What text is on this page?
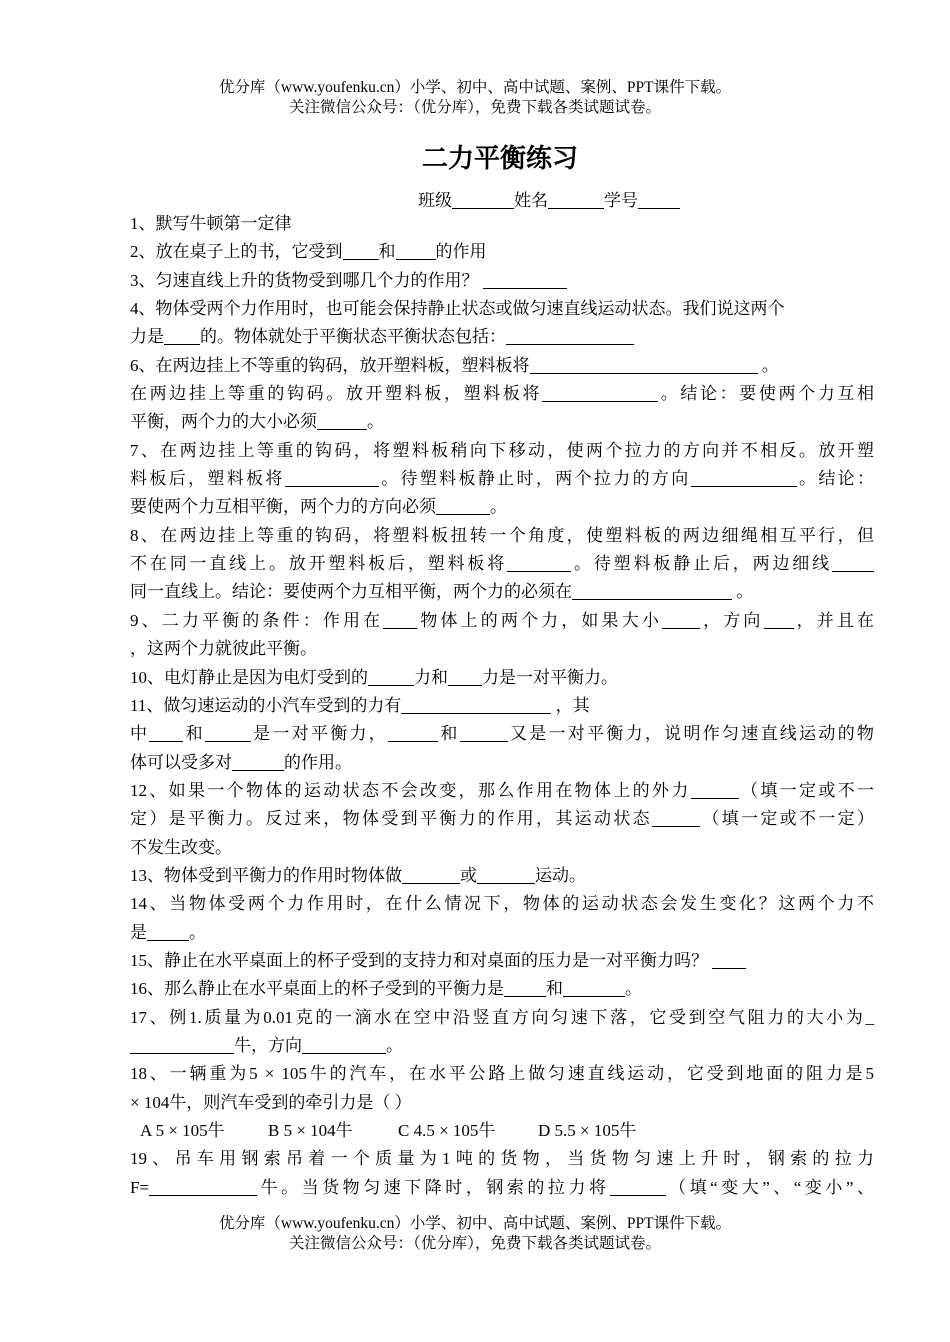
优分库（www.youfenku.cn）小学、初中、高中试题、案例、PPT课件下载。
关注微信公众号：（优分库），免费下载各类试题试卷。
二力平衡练习
班级	姓名	学号
1、默写牛顿第一定律
2、放在桌子上的书，它受到 和 的作用
3、匀速直线上升的货物受到哪几个力的作用？
4、物体受两个力作用时，也可能会保持静止状态或做匀速直线运动状态。我们说这两个
力是 的。物体就处于平衡状态平衡状态包括：
6、在两边挂上不等重的钩码，放开塑料板，塑料板将	。
在两边挂上等重的钩码。放开塑料板，塑料板将	。结论：要使两个力互相
平衡，两个力的大小必须	。
7、在两边挂上等重的钩码，将塑料板稍向下移动，使两个拉力的方向并不相反。放开塑
料板后，塑料板将	。待塑料板静止时，两个拉力的方向	。结论：
要使两个力互相平衡，两个力的方向必须	。
8、在两边挂上等重的钩码，将塑料板扭转一个角度，使塑料板的两边细绳相互平行，但
不在同一直线上。放开塑料板后，塑料板将	。待塑料板静止后，两边细线
同一直线上。结论：要使两个力互相平衡，两个力的必须在	。
9、二力平衡的条件：作用在 物体上的两个力，如果大小 ，方向 ，并且在
，这两个力就彼此平衡。
10、电灯静止是因为电灯受到的	力和 力是一对平衡力。
11、做匀速运动的小汽车受到的力有	，其
中 和	是一对平衡力，	和	又是一对平衡力，说明作匀速直线运动的物
体可以受多对	的作用。
12、如果一个物体的运动状态不会改变，那么作用在物体上的外力	（填一定或不一
定）是平衡力。反过来，物体受到平衡力的作用，其运动状态	（填一定或不一定）
不发生改变。
13、物体受到平衡力的作用时物体做	或	运动。
14、当物体受两个力作用时，在什么情况下，物体的运动状态会发生变化？这两个力不
是 。
15、静止在水平桌面上的杯子受到的支持力和对桌面的压力是一对平衡力吗？
16、那么静止在水平桌面上的杯子受到的平衡力是 和	。
17、例1.质量为0.01克的一滴水在空中沿竖直方向匀速下落，它受到空气阻力的大小为_
牛，方向	。
18、一辆重为5 × 105牛的汽车，在水平公路上做匀速直线运动，它受到地面的阻力是5
× 104牛，则汽车受到的牵引力是（ ）
A 5 × 105牛	B 5 × 104牛	C 4.5 × 105牛	D 5.5 × 105牛
19、吊车用钢索吊着一个质量为1吨的货物，当货物匀速上升时，钢索的拉力
F=	牛。当货物匀速下降时，钢索的拉力将	（填“变大”、“变小”、
优分库（www.youfenku.cn）小学、初中、高中试题、案例、PPT课件下载。
关注微信公众号：（优分库），免费下载各类试题试卷。
